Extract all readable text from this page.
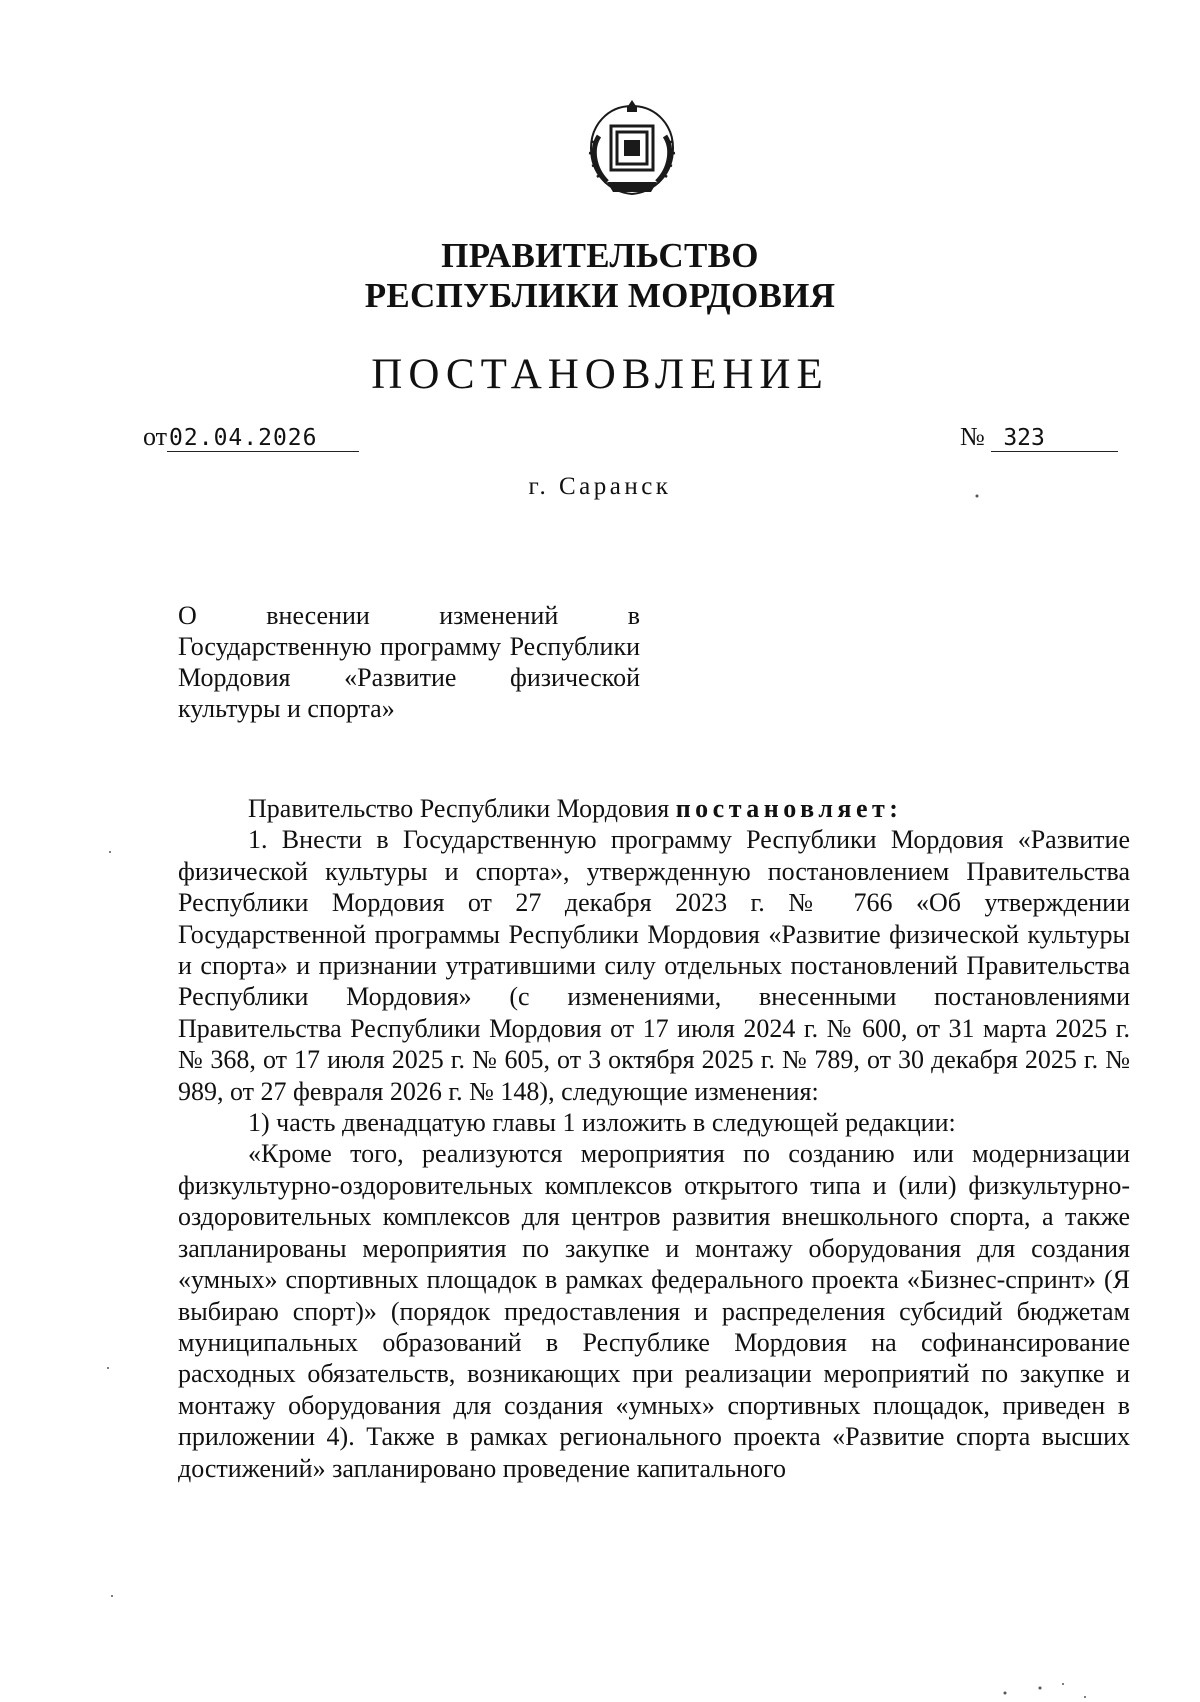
ПРАВИТЕЛЬСТВО
РЕСПУБЛИКИ МОРДОВИЯ
ПОСТАНОВЛЕНИЕ
от02.04.2026	№ 323
г. Саранск
О внесении изменений в Государственную программу Республики Мордовия «Развитие физической культуры и спорта»

Правительство Республики Мордовия постановляет:

1. Внести в Государственную программу Республики Мордовия «Развитие физической культуры и спорта», утвержденную постановлением Правительства Республики Мордовия от 27 декабря 2023 г. № 766 «Об утверждении Государственной программы Республики Мордовия «Развитие физической культуры и спорта» и признании утратившими силу отдельных постановлений Правительства Республики Мордовия» (с изменениями, внесенными постановлениями Правительства Республики Мордовия от 17 июля 2024 г. № 600, от 31 марта 2025 г. № 368, от 17 июля 2025 г. № 605, от 3 октября 2025 г. № 789, от 30 декабря 2025 г. № 989, от 27 февраля 2026 г. № 148), следующие изменения:

1) часть двенадцатую главы 1 изложить в следующей редакции:

«Кроме того, реализуются мероприятия по созданию или модернизации физкультурно-оздоровительных комплексов открытого типа и (или) физкультурно-оздоровительных комплексов для центров развития внешкольного спорта, а также запланированы мероприятия по закупке и монтажу оборудования для создания «умных» спортивных площадок в рамках федерального проекта «Бизнес-спринт» (Я выбираю спорт)» (порядок предоставления и распределения субсидий бюджетам муниципальных образований в Республике Мордовия на софинансирование расходных обязательств, возникающих при реализации мероприятий по закупке и монтажу оборудования для создания «умных» спортивных площадок, приведен в приложении 4). Также в рамках регионального проекта «Развитие спорта высших достижений» запланировано проведение капитального
